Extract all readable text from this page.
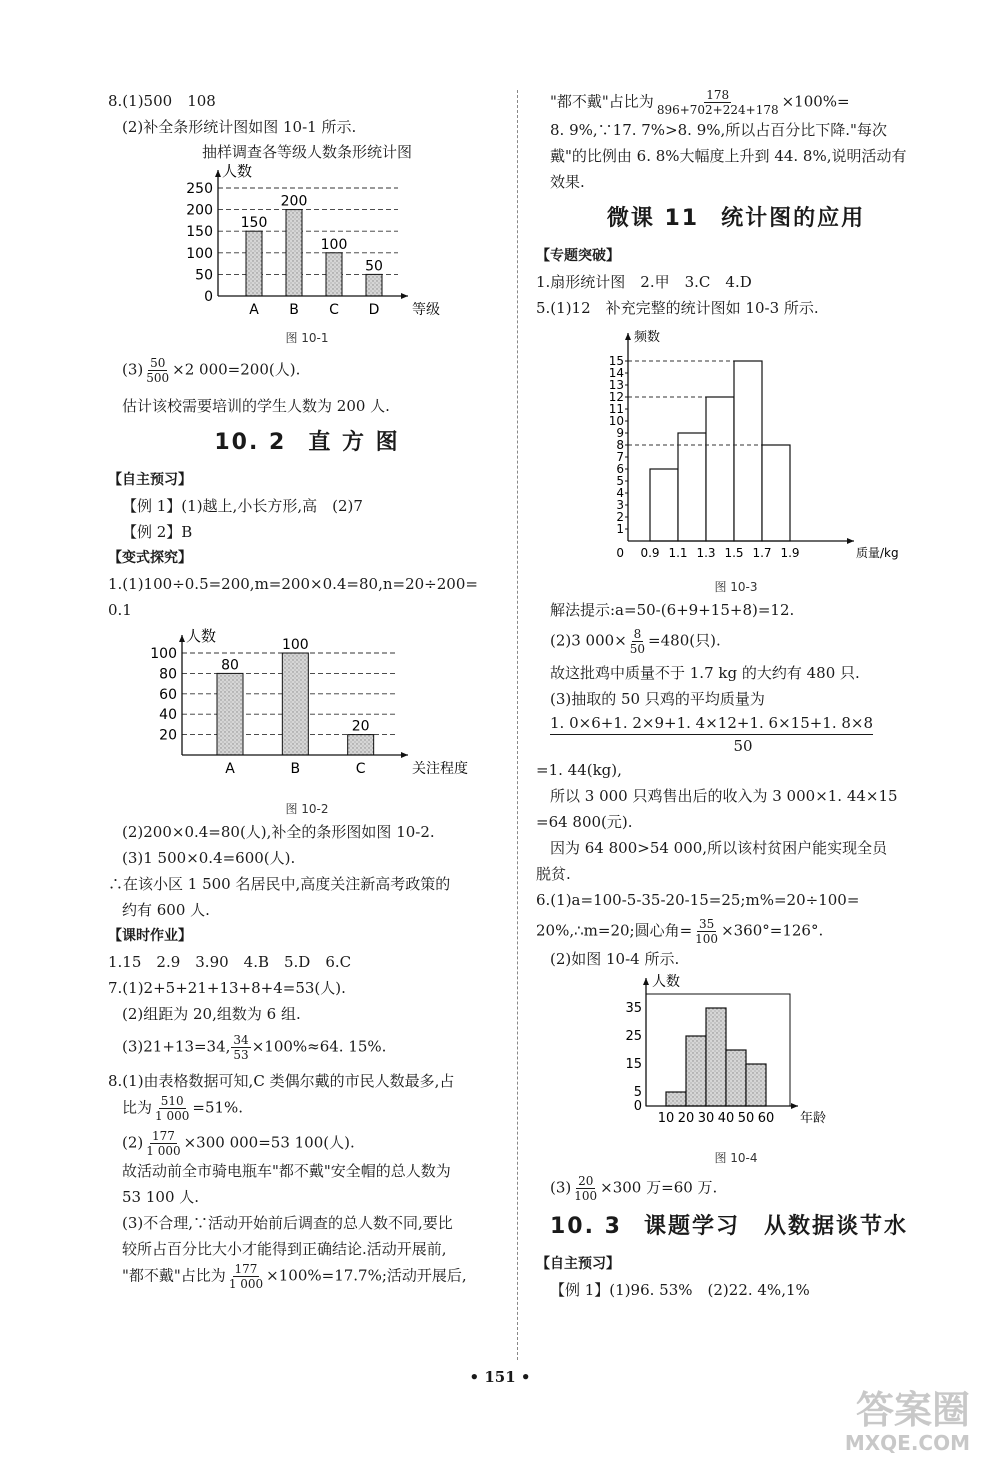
8.(1)500　108
(2)补全条形统计图如图 10-1 所示.
抽样调查各等级人数条形统计图
0
50
100
150
200
250
150
A
200
B
100
C
50
D
人数
等级
图 10-1
$(3) \frac{50}{500} \times 2$ 000=200(人).
估计该校需要培训的学生人数为 200 人.
10. 2 直 方 图
【自主预习】
【例 1】(1)越上,小长方形,高　(2)7
【例 2】B
【变式探究】
1.(1)100÷0.5=200,m=200×0.4=80,n=20÷200=
0.1
20
40
60
80
100
80
A
100
B
20
C
人数
关注程度
图 10-2
(2)200×0.4=80(人),补全的条形图如图 10-2.
(3)1 500×0.4=600(人).
∴在该小区 1 500 名居民中,高度关注新高考政策的
约有 600 人.
【课时作业】
1.15　2.9　3.90　4.B　5.D　6.C
7.(1)2+5+21+13+8+4=53(人).
(2)组距为 20,组数为 6 组.
(3)21+13=34, $\frac{34}{53} \times 100\%\approx 64$. 15%.
8.(1)由表格数据可知,C 类偶尔戴的市民人数最多,占
比为 $\frac{510}{1 000} =51\%$.
$(2) \frac{177}{1 000} \times 300$ 000=53 100(人).
故活动前全市骑电瓶车"都不戴"安全帽的总人数为
53 100 人.
(3)不合理,∵活动开始前后调查的总人数不同,要比
较所占百分比大小才能得到正确结论.活动开展前,
"都不戴"占比为 $\frac{177}{1 000} \times 100\%=17.7\%$;活动开展后,
"都不戴"占比为 $\frac{178}{896+702+224+178} \times 100\%=$
8. 9%,∵17. 7%>8. 9%,所以占百分比下降."每次
戴"的比例由 6. 8%大幅度上升到 44. 8%,说明活动有
效果.
微课 11 统计图的应用
【专题突破】
1.扇形统计图　2.甲　3.C　4.D
5.(1)12　补充完整的统计图如 10-3 所示.
1
2
3
4
5
6
7
8
9
10
11
12
13
14
15
0.9 1.1 1.3 1.5 1.7 1.9
0
频数
质量/kg
图 10-3
解法提示:a=50-(6+9+15+8)=12.
(2)3 $000\times \frac{8}{50} =480$(只).
故这批鸡中质量不于 1.7 kg 的大约有 480 只.
(3)抽取的 50 只鸡的平均质量为
1. 0×6+1. 2×9+1. 4×12+1. 6×15+1. 8×8
50
=1. 44(kg),
所以 3 000 只鸡售出后的收入为 3 000×1. 44×15
=64 800(元).
因为 64 800>54 000,所以该村贫困户能实现全员
脱贫.
6.(1)a=100-5-35-20-15=25;m%=20÷100=
20%,∴m=20;圆心角= $\frac{35}{100} \times 360^\circ=126^\circ$.
(2)如图 10-4 所示.
0
5
15
25
35
10 20 30 40 50 60
人数
年龄
图 10-4
$(3) \frac{20}{100} \times 300$ 万=60 万.
10. 3 课题学习　从数据谈节水
【自主预习】
【例 1】(1)96. 53%　(2)22. 4%,1%
• 151 •
答案圈
MXQE.COM
